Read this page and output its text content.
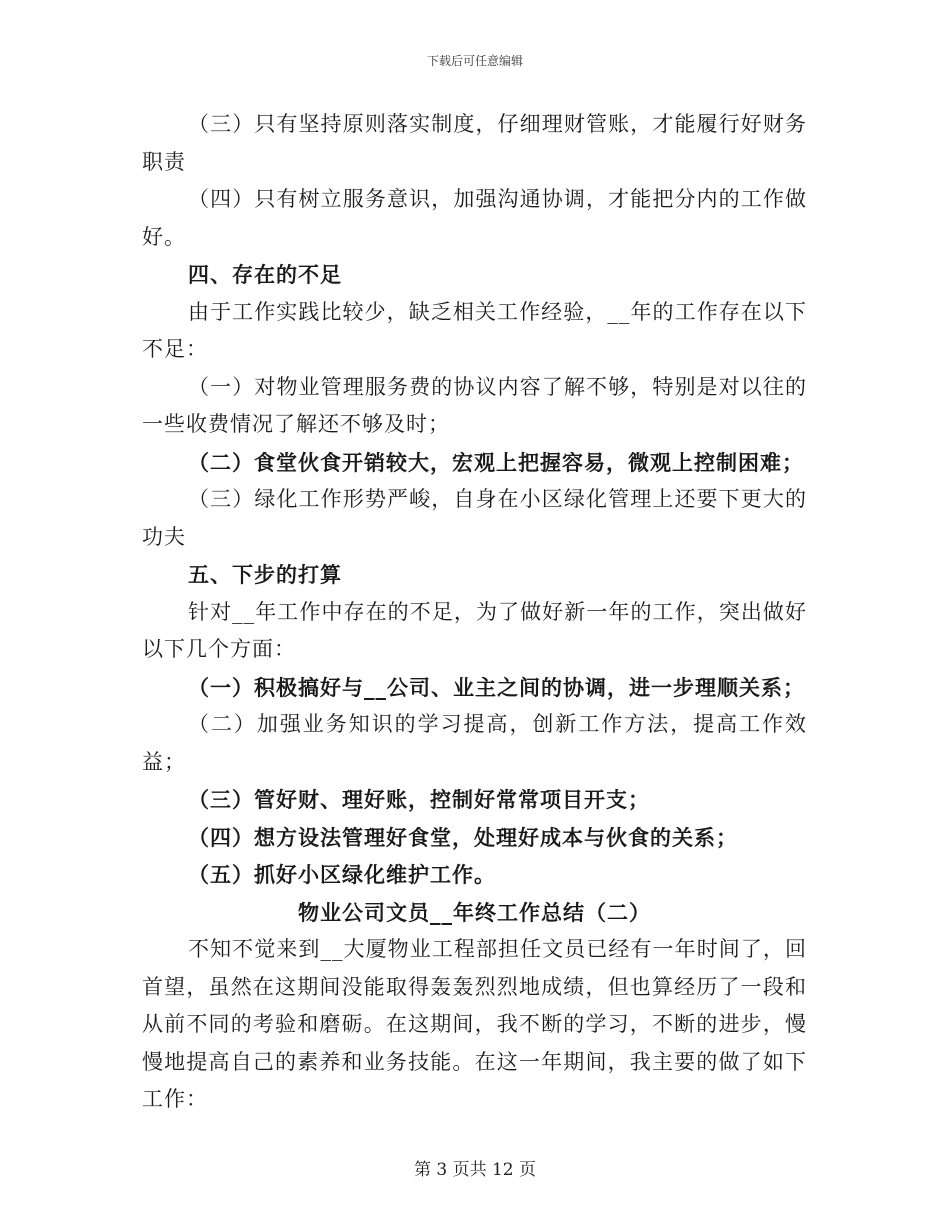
下载后可任意编辑

（三）只有坚持原则落实制度，仔细理财管账，才能履行好财务职责

（四）只有树立服务意识，加强沟通协调，才能把分内的工作做好。

四、存在的不足

由于工作实践比较少，缺乏相关工作经验，__年的工作存在以下不足：

（一）对物业管理服务费的协议内容了解不够，特别是对以往的一些收费情况了解还不够及时；

（二）食堂伙食开销较大，宏观上把握容易，微观上控制困难；

（三）绿化工作形势严峻，自身在小区绿化管理上还要下更大的功夫

五、下步的打算

针对__年工作中存在的不足，为了做好新一年的工作，突出做好以下几个方面：

（一）积极搞好与__公司、业主之间的协调，进一步理顺关系；

（二）加强业务知识的学习提高，创新工作方法，提高工作效益；

（三）管好财、理好账，控制好常常项目开支；

（四）想方设法管理好食堂，处理好成本与伙食的关系；

（五）抓好小区绿化维护工作。

物业公司文员__年终工作总结（二）

不知不觉来到__大厦物业工程部担任文员已经有一年时间了，回首望，虽然在这期间没能取得轰轰烈烈地成绩，但也算经历了一段和从前不同的考验和磨砺。在这期间，我不断的学习，不断的进步，慢慢地提高自己的素养和业务技能。在这一年期间，我主要的做了如下工作：

第 3 页共 12 页
